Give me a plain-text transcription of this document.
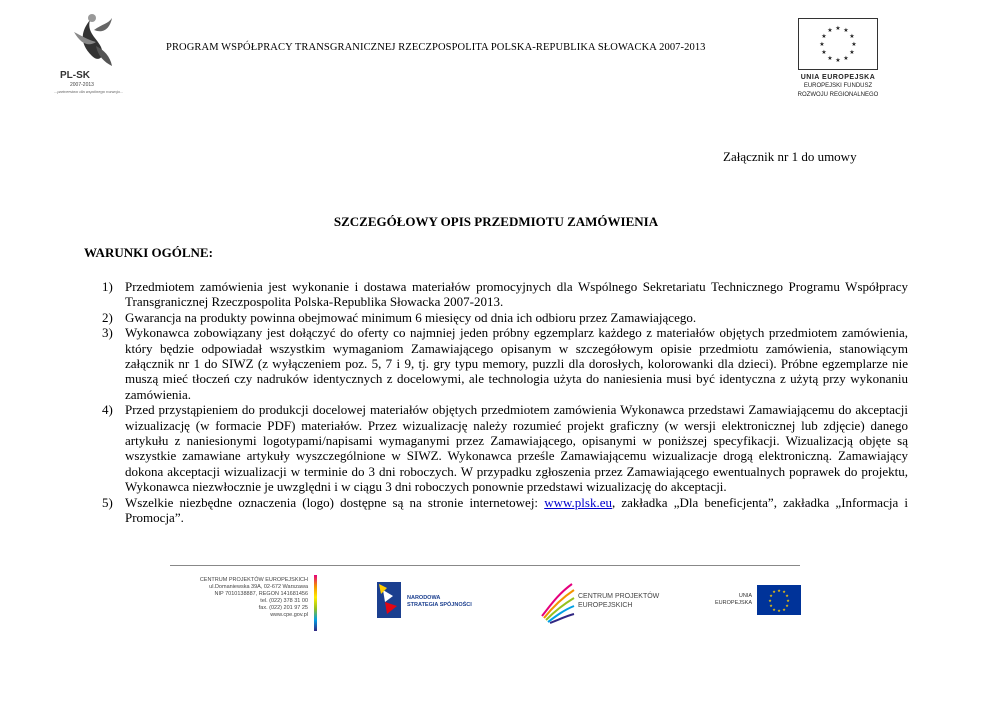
PL-SK
2007-2013
...partnerstwo dla wspólnego rozwoju...
PROGRAM WSPÓŁPRACY TRANSGRANICZNEJ RZECZPOSPOLITA POLSKA-REPUBLIKA SŁOWACKA 2007-2013
★ ★
★
★
★
★
★
★
★
★
★
★
UNIA EUROPEJSKA
EUROPEJSKI FUNDUSZ
ROZWOJU REGIONALNEGO
Załącznik nr 1 do umowy
SZCZEGÓŁOWY OPIS PRZEDMIOTU ZAMÓWIENIA
WARUNKI OGÓLNE:
1) Przedmiotem zamówienia jest wykonanie i dostawa materiałów promocyjnych dla Wspólnego Sekretariatu Technicznego Programu Współpracy Transgranicznej Rzeczpospolita Polska-Republika Słowacka 2007-2013.
2) Gwarancja na produkty powinna obejmować minimum 6 miesięcy od dnia ich odbioru przez Zamawiającego.
3) Wykonawca zobowiązany jest dołączyć do oferty co najmniej jeden próbny egzemplarz każdego z materiałów objętych przedmiotem zamówienia, który będzie odpowiadał wszystkim wymaganiom Zamawiającego opisanym w szczegółowym opisie przedmiotu zamówienia, stanowiącym załącznik nr 1 do SIWZ (z wyłączeniem poz. 5, 7 i 9, tj. gry typu memory, puzzli dla dorosłych, kolorowanki dla dzieci). Próbne egzemplarze nie muszą mieć tłoczeń czy nadruków identycznych z docelowymi, ale technologia użyta do naniesienia musi być identyczna z użytą przy wykonaniu zamówienia.
4) Przed przystąpieniem do produkcji docelowej materiałów objętych przedmiotem zamówienia Wykonawca przedstawi Zamawiającemu do akceptacji wizualizację (w formacie PDF) materiałów. Przez wizualizację należy rozumieć projekt graficzny (w wersji elektronicznej lub zdjęcie) danego artykułu z naniesionymi logotypami/napisami wymaganymi przez Zamawiającego, opisanymi w poniższej specyfikacji. Wizualizacją objęte są wszystkie zamawiane artykuły wyszczególnione w SIWZ. Wykonawca prześle Zamawiającemu wizualizacje drogą elektroniczną. Zamawiający dokona akceptacji wizualizacji w terminie do 3 dni roboczych. W przypadku zgłoszenia przez Zamawiającego ewentualnych poprawek do projektu, Wykonawca niezwłocznie je uwzględni i w ciągu 3 dni roboczych ponownie przedstawi wizualizację do akceptacji.
5) Wszelkie niezbędne oznaczenia (logo) dostępne są na stronie internetowej: www.plsk.eu, zakładka „Dla beneficjenta”, zakładka „Informacja i Promocja”.
CENTRUM PROJEKTÓW EUROPEJSKICH
ul.Domaniewska 39A, 02-672 Warszawa
NIP 7010138887, REGON 141681456
tel. (022) 378 31 00
fax. (022) 201 97 25
www.cpe.gov.pl
NARODOWA
STRATEGIA SPÓJNOŚCI
CENTRUM PROJEKTÓW
EUROPEJSKICH
UNIA
EUROPEJSKA
★ ★
★
★
★
★
★
★
★
★
★
★
